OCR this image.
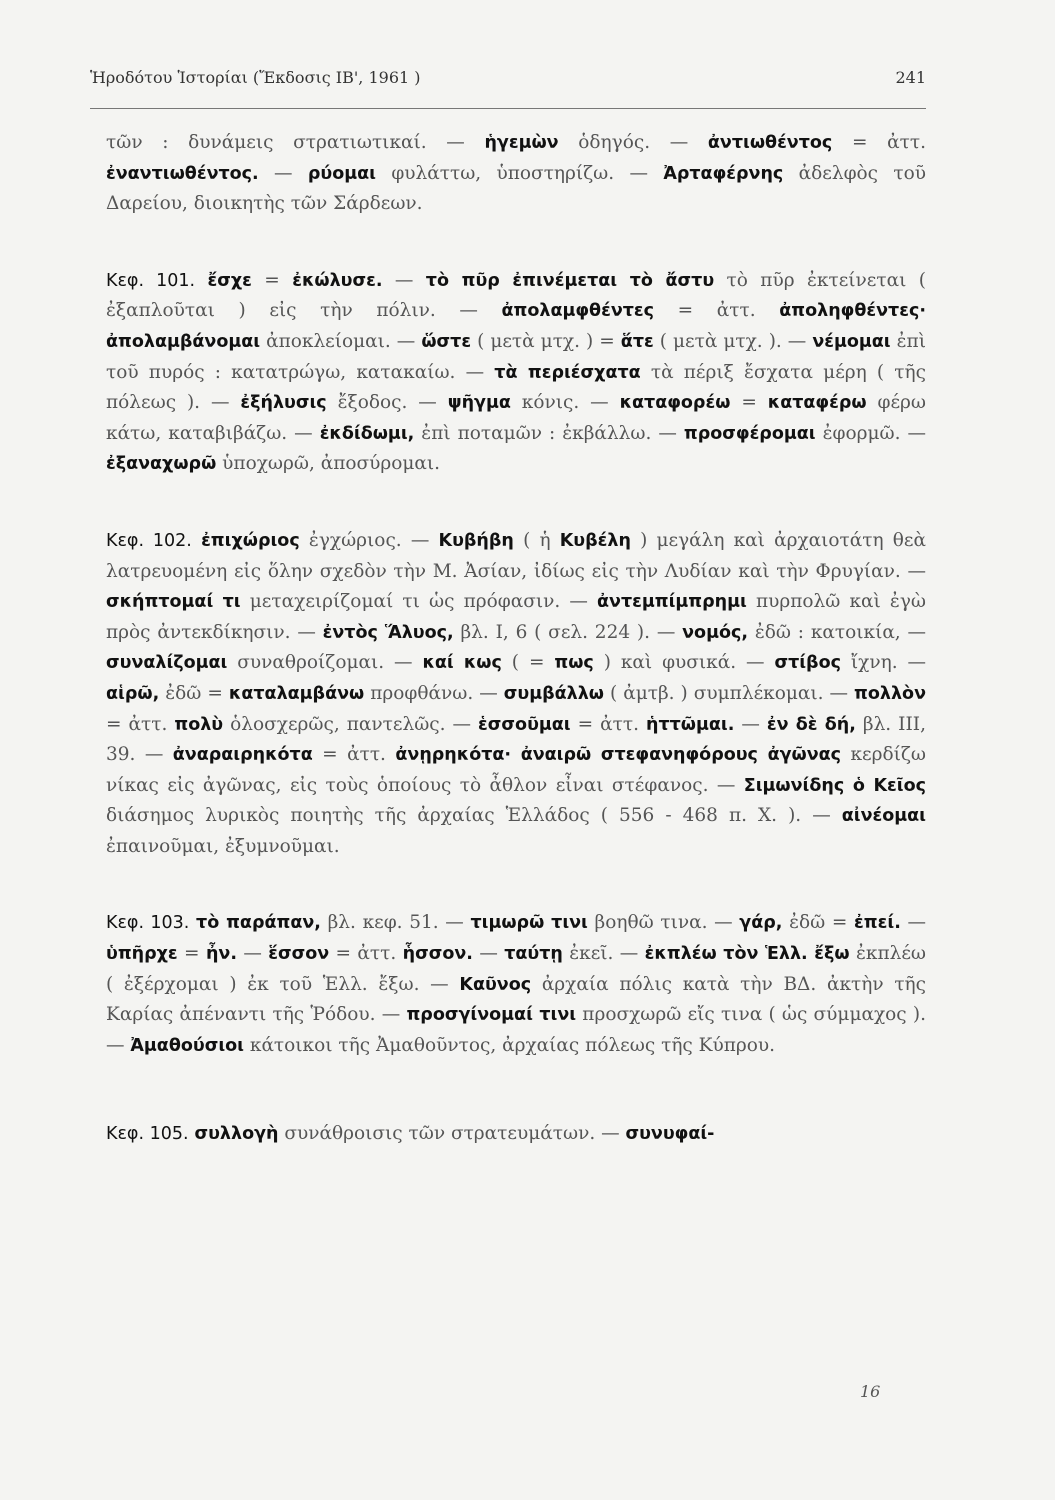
Ἡροδότου Ἱστορίαι (Ἔκδοσις ΙΒ', 1961 )	241

τῶν : δυνάμεις στρατιωτικαί. — ἡγεμὼν ὁδηγός. — ἀντιωθέντος = ἀττ. ἐναντιωθέντος. — ρύομαι φυλάττω, ὑποστηρίζω. — Ἀρταφέρνης ἀδελφὸς τοῦ Δαρείου, διοικητὴς τῶν Σάρδεων.

Κεφ. 101. ἔσχε = ἐκώλυσε. — τὸ πῦρ ἐπινέμεται τὸ ἄστυ τὸ πῦρ ἐκτείνεται ( ἐξαπλοῦται ) εἰς τὴν πόλιν. — ἀπολαμφθέντες = ἀττ. ἀποληφθέντες· ἀπολαμβάνομαι ἀποκλείομαι. — ὥστε ( μετὰ μτχ. ) = ἅτε ( μετὰ μτχ. ). — νέμομαι ἐπὶ τοῦ πυρός : κατατρώγω, κατακαίω. — τὰ περιέσχατα τὰ πέριξ ἔσχατα μέρη ( τῆς πόλεως ). — ἐξήλυσις ἔξοδος. — ψῆγμα κόνις. — καταφορέω = καταφέρω φέρω κάτω, καταβιβάζω. — ἐκδίδωμι, ἐπὶ ποταμῶν : ἐκβάλλω. — προσφέρομαι ἐφορμῶ. — ἐξαναχωρῶ ὑποχωρῶ, ἀποσύρομαι.

Κεφ. 102. ἐπιχώριος ἐγχώριος. — Κυβήβη ( ἡ Κυβέλη ) μεγάλη καὶ ἀρχαιοτάτη θεὰ λατρευομένη εἰς ὅλην σχεδὸν τὴν Μ. Ἀσίαν, ἰδίως εἰς τὴν Λυδίαν καὶ τὴν Φρυγίαν. — σκήπτομαί τι μεταχειρίζομαί τι ὡς πρόφασιν. — ἀντεμπίμπρημι πυρπολῶ καὶ ἐγὼ πρὸς ἀντεκδίκησιν. — ἐντὸς Ἅλυος, βλ. I, 6 ( σελ. 224 ). — νομός, ἐδῶ : κατοικία, — συναλίζομαι συναθροίζομαι. — καί κως ( = πως ) καὶ φυσικά. — στίβος ἴχνη. — αἱρῶ, ἐδῶ = καταλαμβάνω προφθάνω. — συμβάλλω ( ἀμτβ. ) συμπλέκομαι. — πολλὸν = ἀττ. πολὺ ὁλοσχερῶς, παντελῶς. — ἑσσοῦμαι = ἀττ. ἡττῶμαι. — ἐν δὲ δή, βλ. III, 39. — ἀναραιρηκότα = ἀττ. ἀνῃρηκότα· ἀναιρῶ στεφανηφόρους ἀγῶνας κερδίζω νίκας εἰς ἀγῶνας, εἰς τοὺς ὁποίους τὸ ἆθλον εἶναι στέφανος. — Σιμωνίδης ὁ Κεῖος διάσημος λυρικὸς ποιητὴς τῆς ἀρχαίας Ἑλλάδος ( 556 - 468 π. Χ. ). — αἰνέομαι ἐπαινοῦμαι, ἐξυμνοῦμαι.

Κεφ. 103. τὸ παράπαν, βλ. κεφ. 51. — τιμωρῶ τινι βοηθῶ τινα. — γάρ, ἐδῶ = ἐπεί. — ὑπῆρχε = ἦν. — ἕσσον = ἀττ. ἧσσον. — ταύτῃ ἐκεῖ. — ἐκπλέω τὸν Ἑλλ. ἔξω ἐκπλέω ( ἐξέρχομαι ) ἐκ τοῦ Ἑλλ. ἔξω. — Καῦνος ἀρχαία πόλις κατὰ τὴν ΒΔ. ἀκτὴν τῆς Καρίας ἀπέναντι τῆς Ῥόδου. — προσγίνομαί τινι προσχωρῶ εἴς τινα ( ὡς σύμμαχος ). — Ἀμαθούσιοι κάτοικοι τῆς Ἀμαθοῦντος, ἀρχαίας πόλεως τῆς Κύπρου.

Κεφ. 105. συλλογὴ συνάθροισις τῶν στρατευμάτων. — συνυφαί-

16
